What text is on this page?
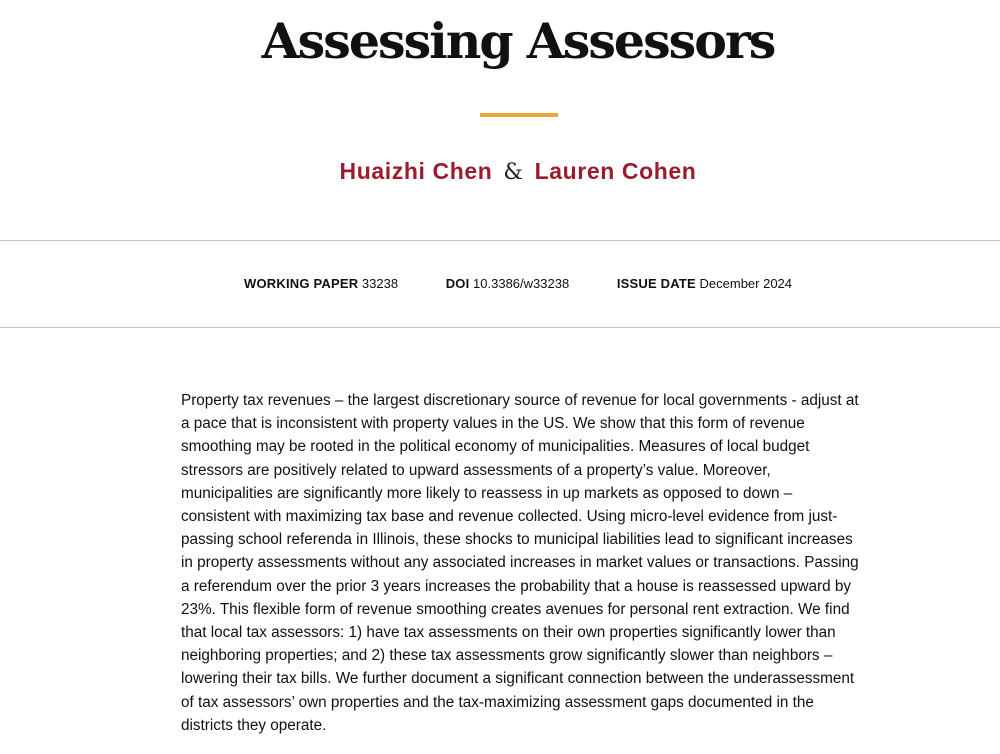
Assessing Assessors
Huaizhi Chen & Lauren Cohen
WORKING PAPER 33238	DOI 10.3386/w33238	ISSUE DATE December 2024

Property tax revenues – the largest discretionary source of revenue for local governments - adjust at a pace that is inconsistent with property values in the US. We show that this form of revenue smoothing may be rooted in the political economy of municipalities. Measures of local budget stressors are positively related to upward assessments of a property’s value. Moreover, municipalities are significantly more likely to reassess in up markets as opposed to down – consistent with maximizing tax base and revenue collected. Using micro-level evidence from just-passing school referenda in Illinois, these shocks to municipal liabilities lead to significant increases in property assessments without any associated increases in market values or transactions. Passing a referendum over the prior 3 years increases the probability that a house is reassessed upward by 23%. This flexible form of revenue smoothing creates avenues for personal rent extraction. We find that local tax assessors: 1) have tax assessments on their own properties significantly lower than neighboring properties; and 2) these tax assessments grow significantly slower than neighbors – lowering their tax bills. We further document a significant connection between the underassessment of tax assessors’ own properties and the tax-maximizing assessment gaps documented in the districts they operate.
